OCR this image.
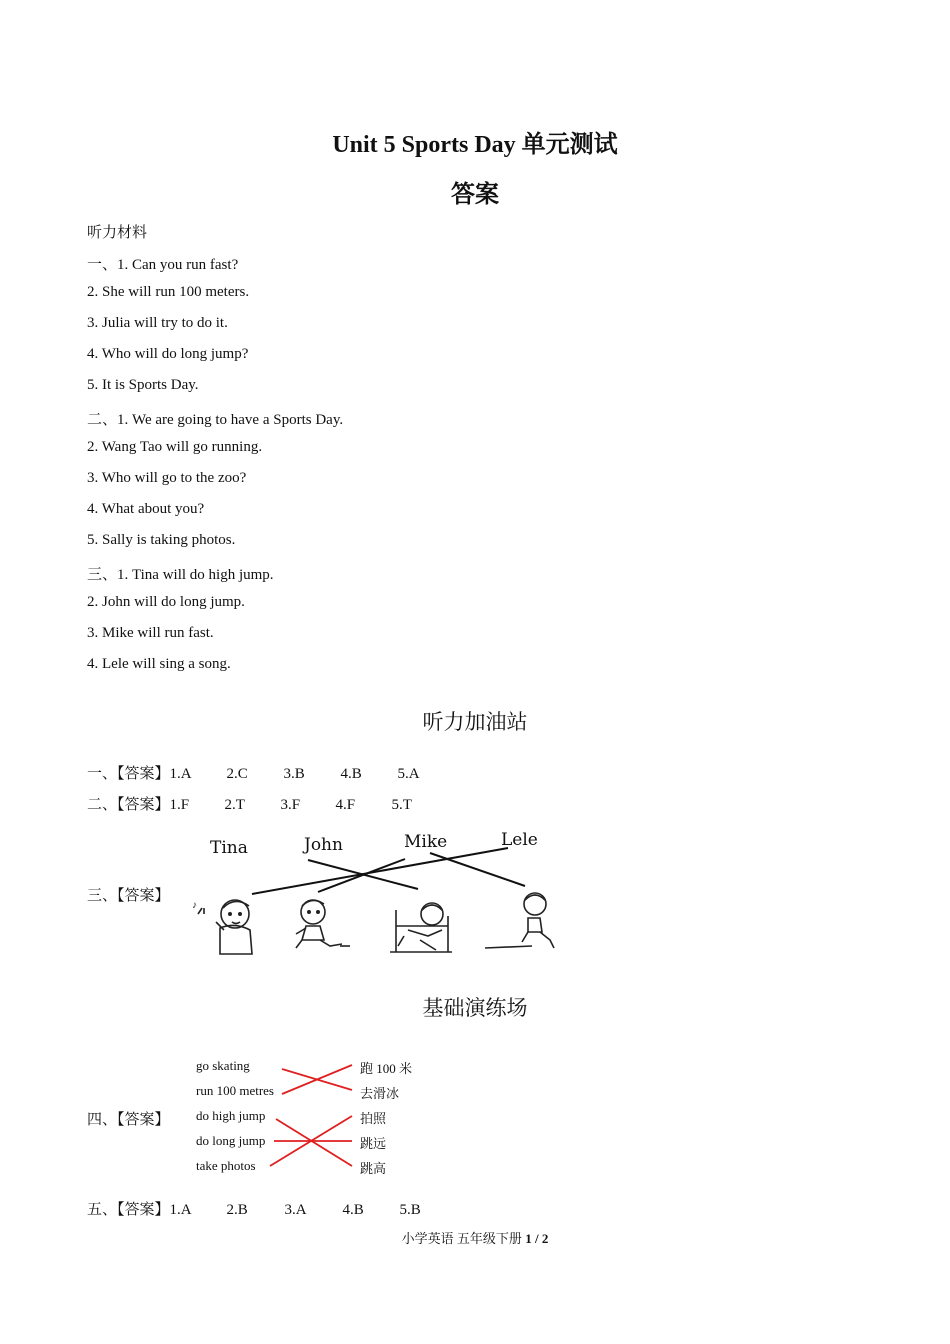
Unit 5 Sports Day 单元测试
答案
听力材料
一、1. Can you run fast?
2. She will run 100 meters.
3. Julia will try to do it.
4. Who will do long jump?
5. It is Sports Day.
二、1. We are going to have a Sports Day.
2. Wang Tao will go running.
3. Who will go to the zoo?
4. What about you?
5. Sally is taking photos.
三、1. Tina will do high jump.
2. John will do long jump.
3. Mike will run fast.
4. Lele will sing a song.
听力加油站
一、【答案】1.A 2.C 3.B 4.B 5.A
二、【答案】1.F 2.T 3.F 4.F 5.T
三、【答案】
Tina	John	Mike	Lele
♪
基础演练场
四、【答案】
go skating
run 100 metres
do high jump
do long jump
take photos
跑 100 米
去滑冰
拍照
跳远
跳高
五、【答案】1.A 2.B 3.A 4.B 5.B
小学英语 五年级下册 1 / 2
